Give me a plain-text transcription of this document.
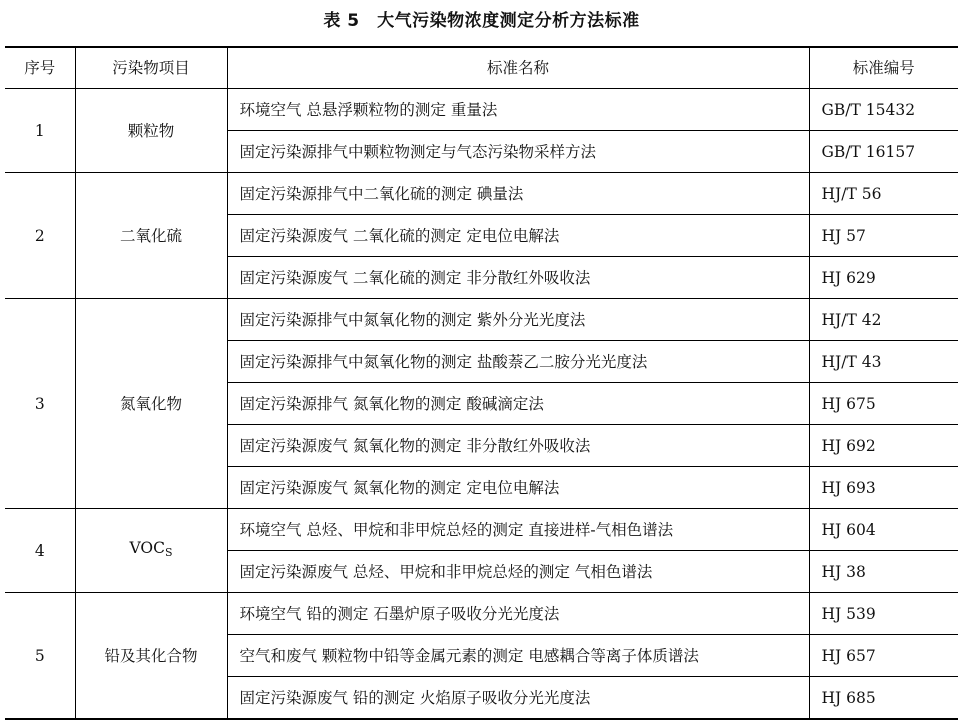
表 5　大气污染物浓度测定分析方法标准
序号	污染物项目	标准名称	标准编号
1	颗粒物	环境空气 总悬浮颗粒物的测定 重量法	GB/T 15432
		固定污染源排气中颗粒物测定与气态污染物采样方法	GB/T 16157
2	二氧化硫	固定污染源排气中二氧化硫的测定 碘量法	HJ/T 56
		固定污染源废气 二氧化硫的测定 定电位电解法	HJ 57
		固定污染源废气 二氧化硫的测定 非分散红外吸收法	HJ 629
3	氮氧化物	固定污染源排气中氮氧化物的测定 紫外分光光度法	HJ/T 42
		固定污染源排气中氮氧化物的测定 盐酸萘乙二胺分光光度法	HJ/T 43
		固定污染源排气 氮氧化物的测定 酸碱滴定法	HJ 675
		固定污染源废气 氮氧化物的测定 非分散红外吸收法	HJ 692
		固定污染源废气 氮氧化物的测定 定电位电解法	HJ 693
4	$VOC_S$	环境空气 总烃、甲烷和非甲烷总烃的测定 直接进样-气相色谱法	HJ 604
		固定污染源废气 总烃、甲烷和非甲烷总烃的测定 气相色谱法	HJ 38
5	铅及其化合物	环境空气 铅的测定 石墨炉原子吸收分光光度法	HJ 539
		空气和废气 颗粒物中铅等金属元素的测定 电感耦合等离子体质谱法	HJ 657
		固定污染源废气 铅的测定 火焰原子吸收分光光度法	HJ 685
